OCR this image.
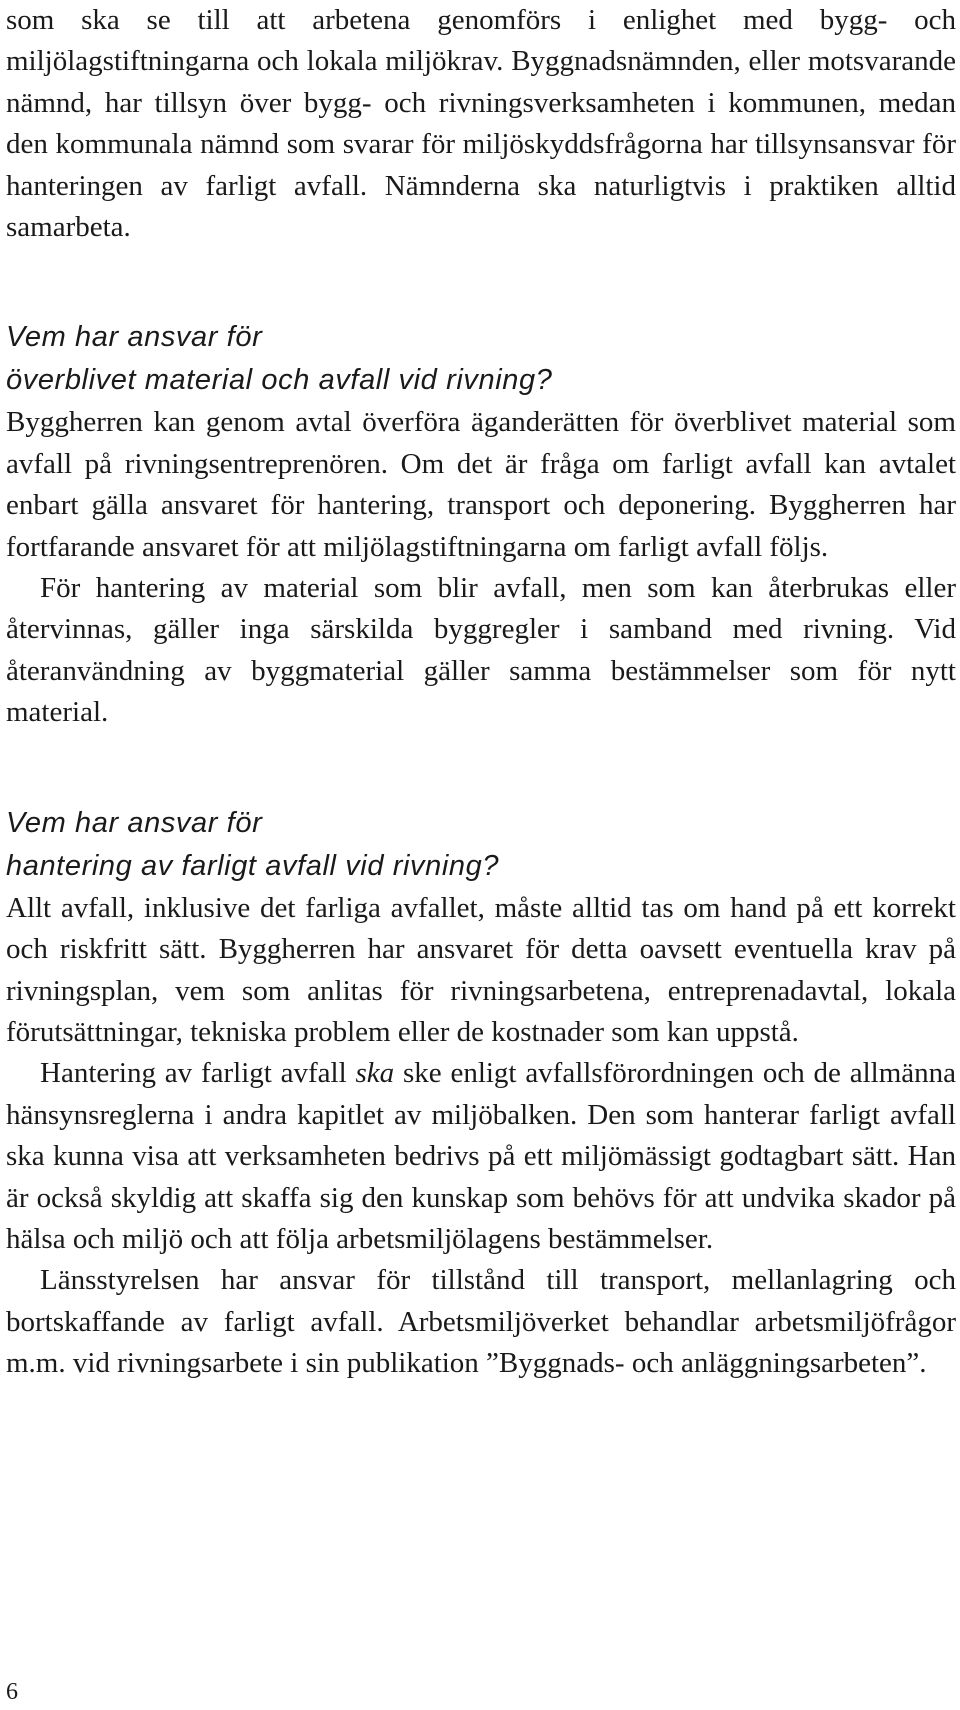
som ska se till att arbetena genomförs i enlighet med bygg- och miljölagstiftningarna och lokala miljökrav. Byggnadsnämnden, eller motsvarande nämnd, har tillsyn över bygg- och rivningsverksamheten i kommunen, medan den kommunala nämnd som svarar för miljöskyddsfrågorna har tillsynsansvar för hanteringen av farligt avfall. Nämnderna ska naturligtvis i praktiken alltid samarbeta.

Vem har ansvar för
överblivet material och avfall vid rivning?

Byggherren kan genom avtal överföra äganderätten för överblivet material som avfall på rivningsentreprenören. Om det är fråga om farligt avfall kan avtalet enbart gälla ansvaret för hantering, transport och deponering. Byggherren har fortfarande ansvaret för att miljölagstiftningarna om farligt avfall följs.

För hantering av material som blir avfall, men som kan återbrukas eller återvinnas, gäller inga särskilda byggregler i samband med rivning. Vid återanvändning av byggmaterial gäller samma bestämmelser som för nytt material.

Vem har ansvar för
hantering av farligt avfall vid rivning?

Allt avfall, inklusive det farliga avfallet, måste alltid tas om hand på ett korrekt och riskfritt sätt. Byggherren har ansvaret för detta oavsett eventuella krav på rivningsplan, vem som anlitas för rivningsarbetena, entreprenadavtal, lokala förutsättningar, tekniska problem eller de kostnader som kan uppstå.

Hantering av farligt avfall ska ske enligt avfallsförordningen och de allmänna hänsynsreglerna i andra kapitlet av miljöbalken. Den som hanterar farligt avfall ska kunna visa att verksamheten bedrivs på ett miljömässigt godtagbart sätt. Han är också skyldig att skaffa sig den kunskap som behövs för att undvika skador på hälsa och miljö och att följa arbetsmiljölagens bestämmelser.

Länsstyrelsen har ansvar för tillstånd till transport, mellanlagring och bortskaffande av farligt avfall. Arbetsmiljöverket behandlar arbetsmiljöfrågor m.m. vid rivningsarbete i sin publikation ”Byggnads- och anläggningsarbeten”.

6
